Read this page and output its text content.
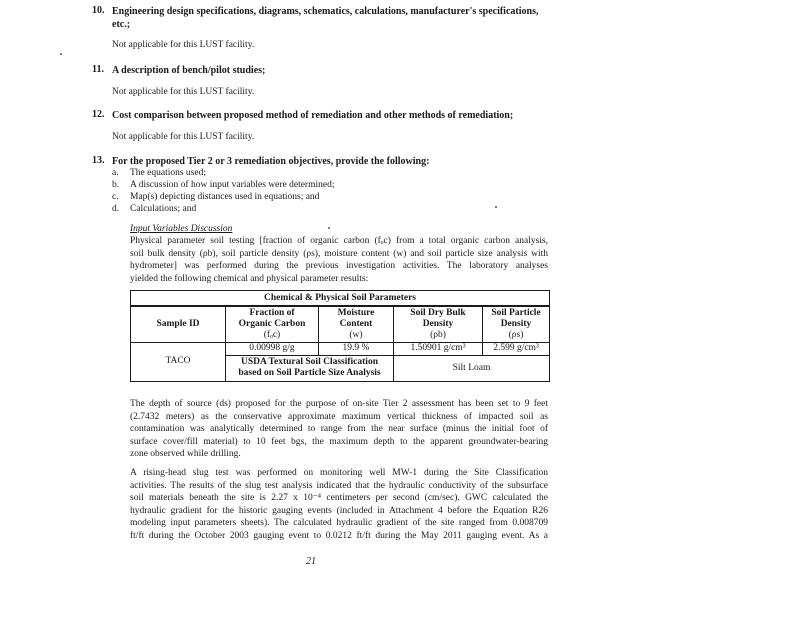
10. Engineering design specifications, diagrams, schematics, calculations, manufacturer's specifications,
etc.;
Not applicable for this LUST facility.
11. A description of bench/pilot studies;
Not applicable for this LUST facility.
12. Cost comparison between proposed method of remediation and other methods of remediation;
Not applicable for this LUST facility.
13. For the proposed Tier 2 or 3 remediation objectives, provide the following:
a. The equations used;
b. A discussion of how input variables were determined;
c. Map(s) depicting distances used in equations; and
d. Calculations; and
Input Variables Discussion
Physical parameter soil testing [fraction of organic carbon (fₒc) from a total organic carbon analysis,
soil bulk density (ρb), soil particle density (ρs), moisture content (w) and soil particle size analysis with
hydrometer] was performed during the previous investigation activities. The laboratory analyses
yielded the following chemical and physical parameter results:
Chemical & Physical Soil Parameters				
Sample ID	Fraction of
Organic Carbon
(fₒc)	Moisture
Content
(w)	Soil Dry Bulk
Density
(ρb)	Soil Particle
Density
(ρs)
TACO	0.00998 g/g	19.9 %	1.50901 g/cm³	2.599 g/cm³
	USDA Textural Soil Classification
based on Soil Particle Size Analysis		Silt Loam	
The depth of source (ds) proposed for the purpose of on-site Tier 2 assessment has been set to 9 feet
(2.7432 meters) as the conservative approximate maximum vertical thickness of impacted soil as
contamination was analytically determined to range from the near surface (minus the initial foot of
surface cover/fill material) to 10 feet bgs, the maximum depth to the apparent groundwater-bearing
zone observed while drilling.
A rising-head slug test was performed on monitoring well MW-1 during the Site Classification
activities. The results of the slug test analysis indicated that the hydraulic conductivity of the subsurface
soil materials beneath the site is 2.27 x 10⁻⁴ centimeters per second (cm/sec). GWC calculated the
hydraulic gradient for the historic gauging events (included in Attachment 4 before the Equation R26
modeling input parameters sheets). The calculated hydraulic gradient of the site ranged from 0.008709
ft/ft during the October 2003 gauging event to 0.0212 ft/ft during the May 2011 gauging event. As a
21
